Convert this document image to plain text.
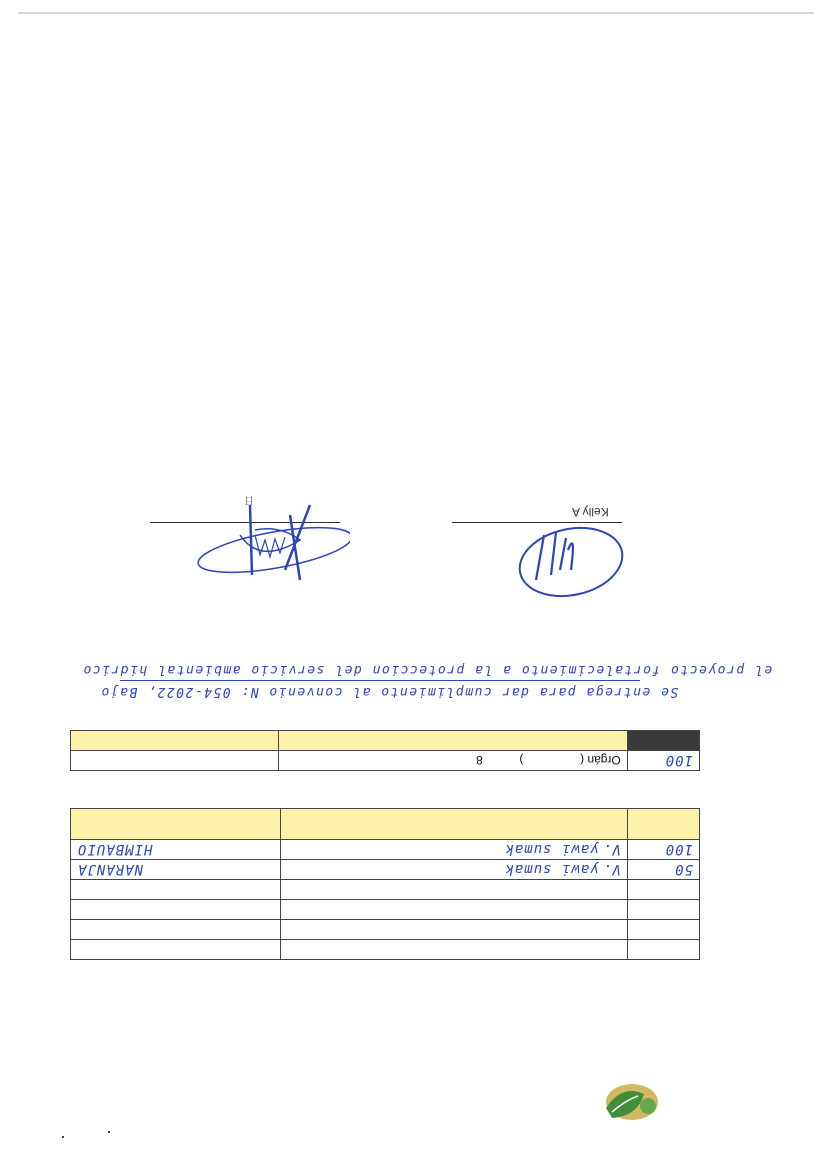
日
Kelly A
Se entrega para dar cumplimiento al convenio N: 054-2022, Bajo
el proyecto fortalecimiento a la proteccion del servicio ambiental hidrico
100	Orgán (  )  8	

50	V. yawi sumak	NARANJA
100	V. yawi sumak	HIMBAUIO
